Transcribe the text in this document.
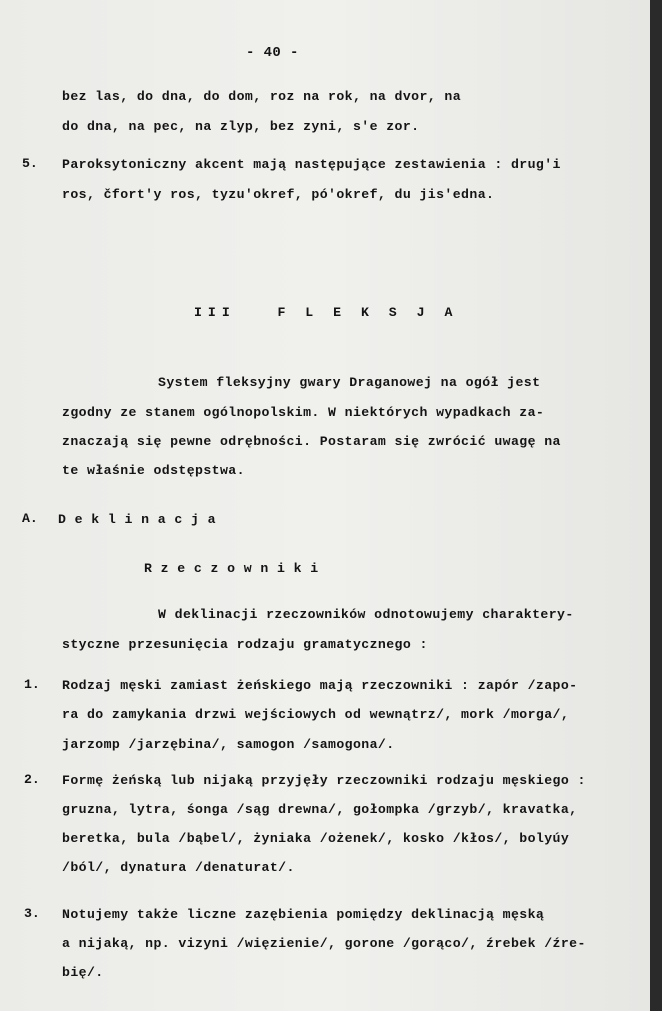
- 40 -
bez las, do dna, do dom, roz na rok, na dvor, na
do dna, na pec, na zlyp, bez zyni, s'e zor.
5. Paroksytoniczny akcent mają następujące zestawienia : drug'i
ros, čfort'y ros, tyzu'okref, pó'okref, du jis'edna.
III   F L E K S J A
System fleksyjny gwary Draganowej na ogół jest
zgodny ze stanem ogólnopolskim. W niektórych wypadkach za-
znaczają się pewne odrębności. Postaram się zwrócić uwagę na
te właśnie odstępstwa.
A. D e k l i n a c j a
R z e c z o w n i k i
W deklinacji rzeczowników odnotowujemy charaktery-
styczne przesunięcia rodzaju gramatycznego :
1. Rodzaj męski zamiast żeńskiego mają rzeczowniki : zapór /zapo-
ra do zamykania drzwi wejściowych od wewnątrz/, mork /morga/,
jarzomp /jarzębina/, samogon /samogona/.
2. Formę żeńską lub nijaką przyjęły rzeczowniki rodzaju męskiego :
gruzna, lytra, śonga /sąg drewna/, gołompka /grzyb/, kravatka,
beretka, bula /bąbel/, żyniaka /ożenek/, kosko /kłos/, bolyúy
/ból/, dynatura /denaturat/.
3. Notujemy także liczne zazębienia pomiędzy deklinacją męską
a nijaką, np. vizyni /więzienie/, gorone /gorąco/, źrebek /źre-
bię/.
